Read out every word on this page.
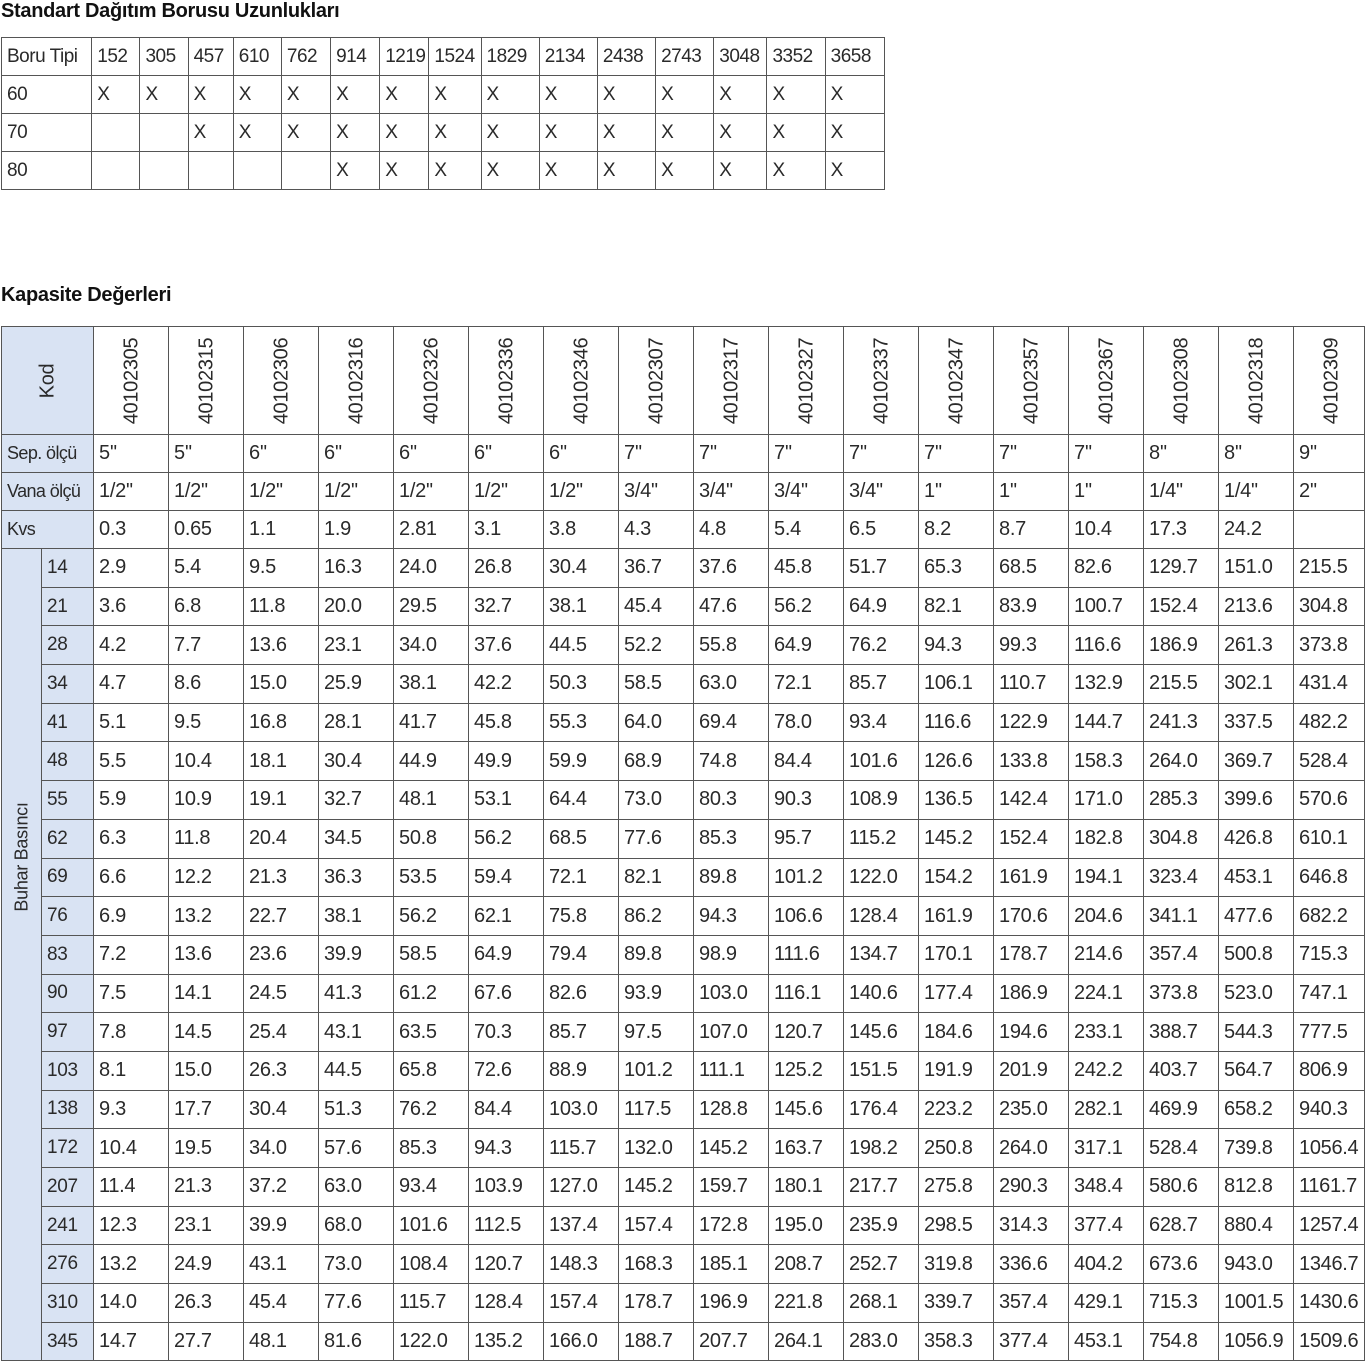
Standart Dağıtım Borusu Uzunlukları
Boru Tipi	152	305	457	610	762	914	1219	1524	1829	2134	2438	2743	3048	3352	3658
60	X	X	X	X	X	X	X	X	X	X	X	X	X	X	X
70			X	X	X	X	X	X	X	X	X	X	X	X	X
80						X	X	X	X	X	X	X	X	X	X
Kapasite Değerleri
Kod		40102305	40102315	40102306	40102316	40102326	40102336	40102346	40102307	40102317	40102327	40102337	40102347	40102357	40102367	40102308	40102318	40102309

Sep. ölçü		5''	5''	6''	6''	6''	6''	6''	7''	7''	7''	7''	7''	7''	7''	8''	8''	9''
Vana ölçü		1/2''	1/2''	1/2''	1/2''	1/2''	1/2''	1/2''	3/4''	3/4''	3/4''	3/4''	1''	1''	1''	1/4''	1/4''	2''
Kvs		0.3	0.65	1.1	1.9	2.81	3.1	3.8	4.3	4.8	5.4	6.5	8.2	8.7	10.4	17.3	24.2	

Buhar Basıncı	14	2.9	5.4	9.5	16.3	24.0	26.8	30.4	36.7	37.6	45.8	51.7	65.3	68.5	82.6	129.7	151.0	215.5
	21	3.6	6.8	11.8	20.0	29.5	32.7	38.1	45.4	47.6	56.2	64.9	82.1	83.9	100.7	152.4	213.6	304.8
	28	4.2	7.7	13.6	23.1	34.0	37.6	44.5	52.2	55.8	64.9	76.2	94.3	99.3	116.6	186.9	261.3	373.8
	34	4.7	8.6	15.0	25.9	38.1	42.2	50.3	58.5	63.0	72.1	85.7	106.1	110.7	132.9	215.5	302.1	431.4
	41	5.1	9.5	16.8	28.1	41.7	45.8	55.3	64.0	69.4	78.0	93.4	116.6	122.9	144.7	241.3	337.5	482.2
	48	5.5	10.4	18.1	30.4	44.9	49.9	59.9	68.9	74.8	84.4	101.6	126.6	133.8	158.3	264.0	369.7	528.4
	55	5.9	10.9	19.1	32.7	48.1	53.1	64.4	73.0	80.3	90.3	108.9	136.5	142.4	171.0	285.3	399.6	570.6
	62	6.3	11.8	20.4	34.5	50.8	56.2	68.5	77.6	85.3	95.7	115.2	145.2	152.4	182.8	304.8	426.8	610.1
	69	6.6	12.2	21.3	36.3	53.5	59.4	72.1	82.1	89.8	101.2	122.0	154.2	161.9	194.1	323.4	453.1	646.8
	76	6.9	13.2	22.7	38.1	56.2	62.1	75.8	86.2	94.3	106.6	128.4	161.9	170.6	204.6	341.1	477.6	682.2
	83	7.2	13.6	23.6	39.9	58.5	64.9	79.4	89.8	98.9	111.6	134.7	170.1	178.7	214.6	357.4	500.8	715.3
	90	7.5	14.1	24.5	41.3	61.2	67.6	82.6	93.9	103.0	116.1	140.6	177.4	186.9	224.1	373.8	523.0	747.1
	97	7.8	14.5	25.4	43.1	63.5	70.3	85.7	97.5	107.0	120.7	145.6	184.6	194.6	233.1	388.7	544.3	777.5
	103	8.1	15.0	26.3	44.5	65.8	72.6	88.9	101.2	111.1	125.2	151.5	191.9	201.9	242.2	403.7	564.7	806.9
	138	9.3	17.7	30.4	51.3	76.2	84.4	103.0	117.5	128.8	145.6	176.4	223.2	235.0	282.1	469.9	658.2	940.3
	172	10.4	19.5	34.0	57.6	85.3	94.3	115.7	132.0	145.2	163.7	198.2	250.8	264.0	317.1	528.4	739.8	1056.4
	207	11.4	21.3	37.2	63.0	93.4	103.9	127.0	145.2	159.7	180.1	217.7	275.8	290.3	348.4	580.6	812.8	1161.7
	241	12.3	23.1	39.9	68.0	101.6	112.5	137.4	157.4	172.8	195.0	235.9	298.5	314.3	377.4	628.7	880.4	1257.4
	276	13.2	24.9	43.1	73.0	108.4	120.7	148.3	168.3	185.1	208.7	252.7	319.8	336.6	404.2	673.6	943.0	1346.7
	310	14.0	26.3	45.4	77.6	115.7	128.4	157.4	178.7	196.9	221.8	268.1	339.7	357.4	429.1	715.3	1001.5	1430.6
	345	14.7	27.7	48.1	81.6	122.0	135.2	166.0	188.7	207.7	264.1	283.0	358.3	377.4	453.1	754.8	1056.9	1509.6
